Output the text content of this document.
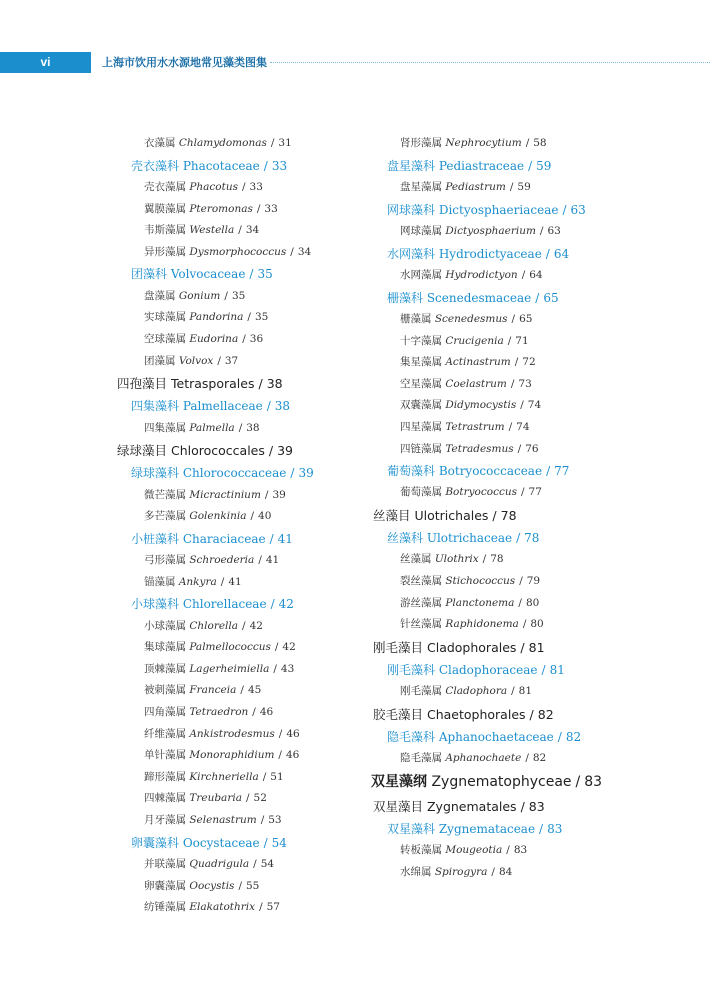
vi	上海市饮用水水源地常见藻类图集
衣藻属 Chlamydomonas / 31
壳衣藻科 Phacotaceae / 33
壳衣藻属 Phacotus / 33
翼膜藻属 Pteromonas / 33
韦斯藻属 Westella / 34
异形藻属 Dysmorphococcus / 34
团藻科 Volvocaceae / 35
盘藻属 Gonium / 35
实球藻属 Pandorina / 35
空球藻属 Eudorina / 36
团藻属 Volvox / 37
四孢藻目 Tetrasporales / 38
四集藻科 Palmellaceae / 38
四集藻属 Palmella / 38
绿球藻目 Chlorococcales / 39
绿球藻科 Chlorococcaceae / 39
微芒藻属 Micractinium / 39
多芒藻属 Golenkinia / 40
小桩藻科 Characiaceae / 41
弓形藻属 Schroederia / 41
锚藻属 Ankyra / 41
小球藻科 Chlorellaceae / 42
小球藻属 Chlorella / 42
集球藻属 Palmellococcus / 42
顶棘藻属 Lagerheimiella / 43
被刺藻属 Franceia / 45
四角藻属 Tetraedron / 46
纤维藻属 Ankistrodesmus / 46
单针藻属 Monoraphidium / 46
蹄形藻属 Kirchneriella / 51
四棘藻属 Treubaria / 52
月牙藻属 Selenastrum / 53
卵囊藻科 Oocystaceae / 54
并联藻属 Quadrigula / 54
卵囊藻属 Oocystis / 55
纺锤藻属 Elakatothrix / 57
肾形藻属 Nephrocytium / 58
盘星藻科 Pediastraceae / 59
盘星藻属 Pediastrum / 59
网球藻科 Dictyosphaeriaceae / 63
网球藻属 Dictyosphaerium / 63
水网藻科 Hydrodictyaceae / 64
水网藻属 Hydrodictyon / 64
栅藻科 Scenedesmaceae / 65
栅藻属 Scenedesmus / 65
十字藻属 Crucigenia / 71
集星藻属 Actinastrum / 72
空星藻属 Coelastrum / 73
双囊藻属 Didymocystis / 74
四星藻属 Tetrastrum / 74
四链藻属 Tetradesmus / 76
葡萄藻科 Botryococcaceae / 77
葡萄藻属 Botryococcus / 77
丝藻目 Ulotrichales / 78
丝藻科 Ulotrichaceae / 78
丝藻属 Ulothrix / 78
裂丝藻属 Stichococcus / 79
游丝藻属 Planctonema / 80
针丝藻属 Raphidonema / 80
刚毛藻目 Cladophorales / 81
刚毛藻科 Cladophoraceae / 81
刚毛藻属 Cladophora / 81
胶毛藻目 Chaetophorales / 82
隐毛藻科 Aphanochaetaceae / 82
隐毛藻属 Aphanochaete / 82
双星藻纲 Zygnematophyceae / 83
双星藻目 Zygnematales / 83
双星藻科 Zygnemataceae / 83
转板藻属 Mougeotia / 83
水绵属 Spirogyra / 84
